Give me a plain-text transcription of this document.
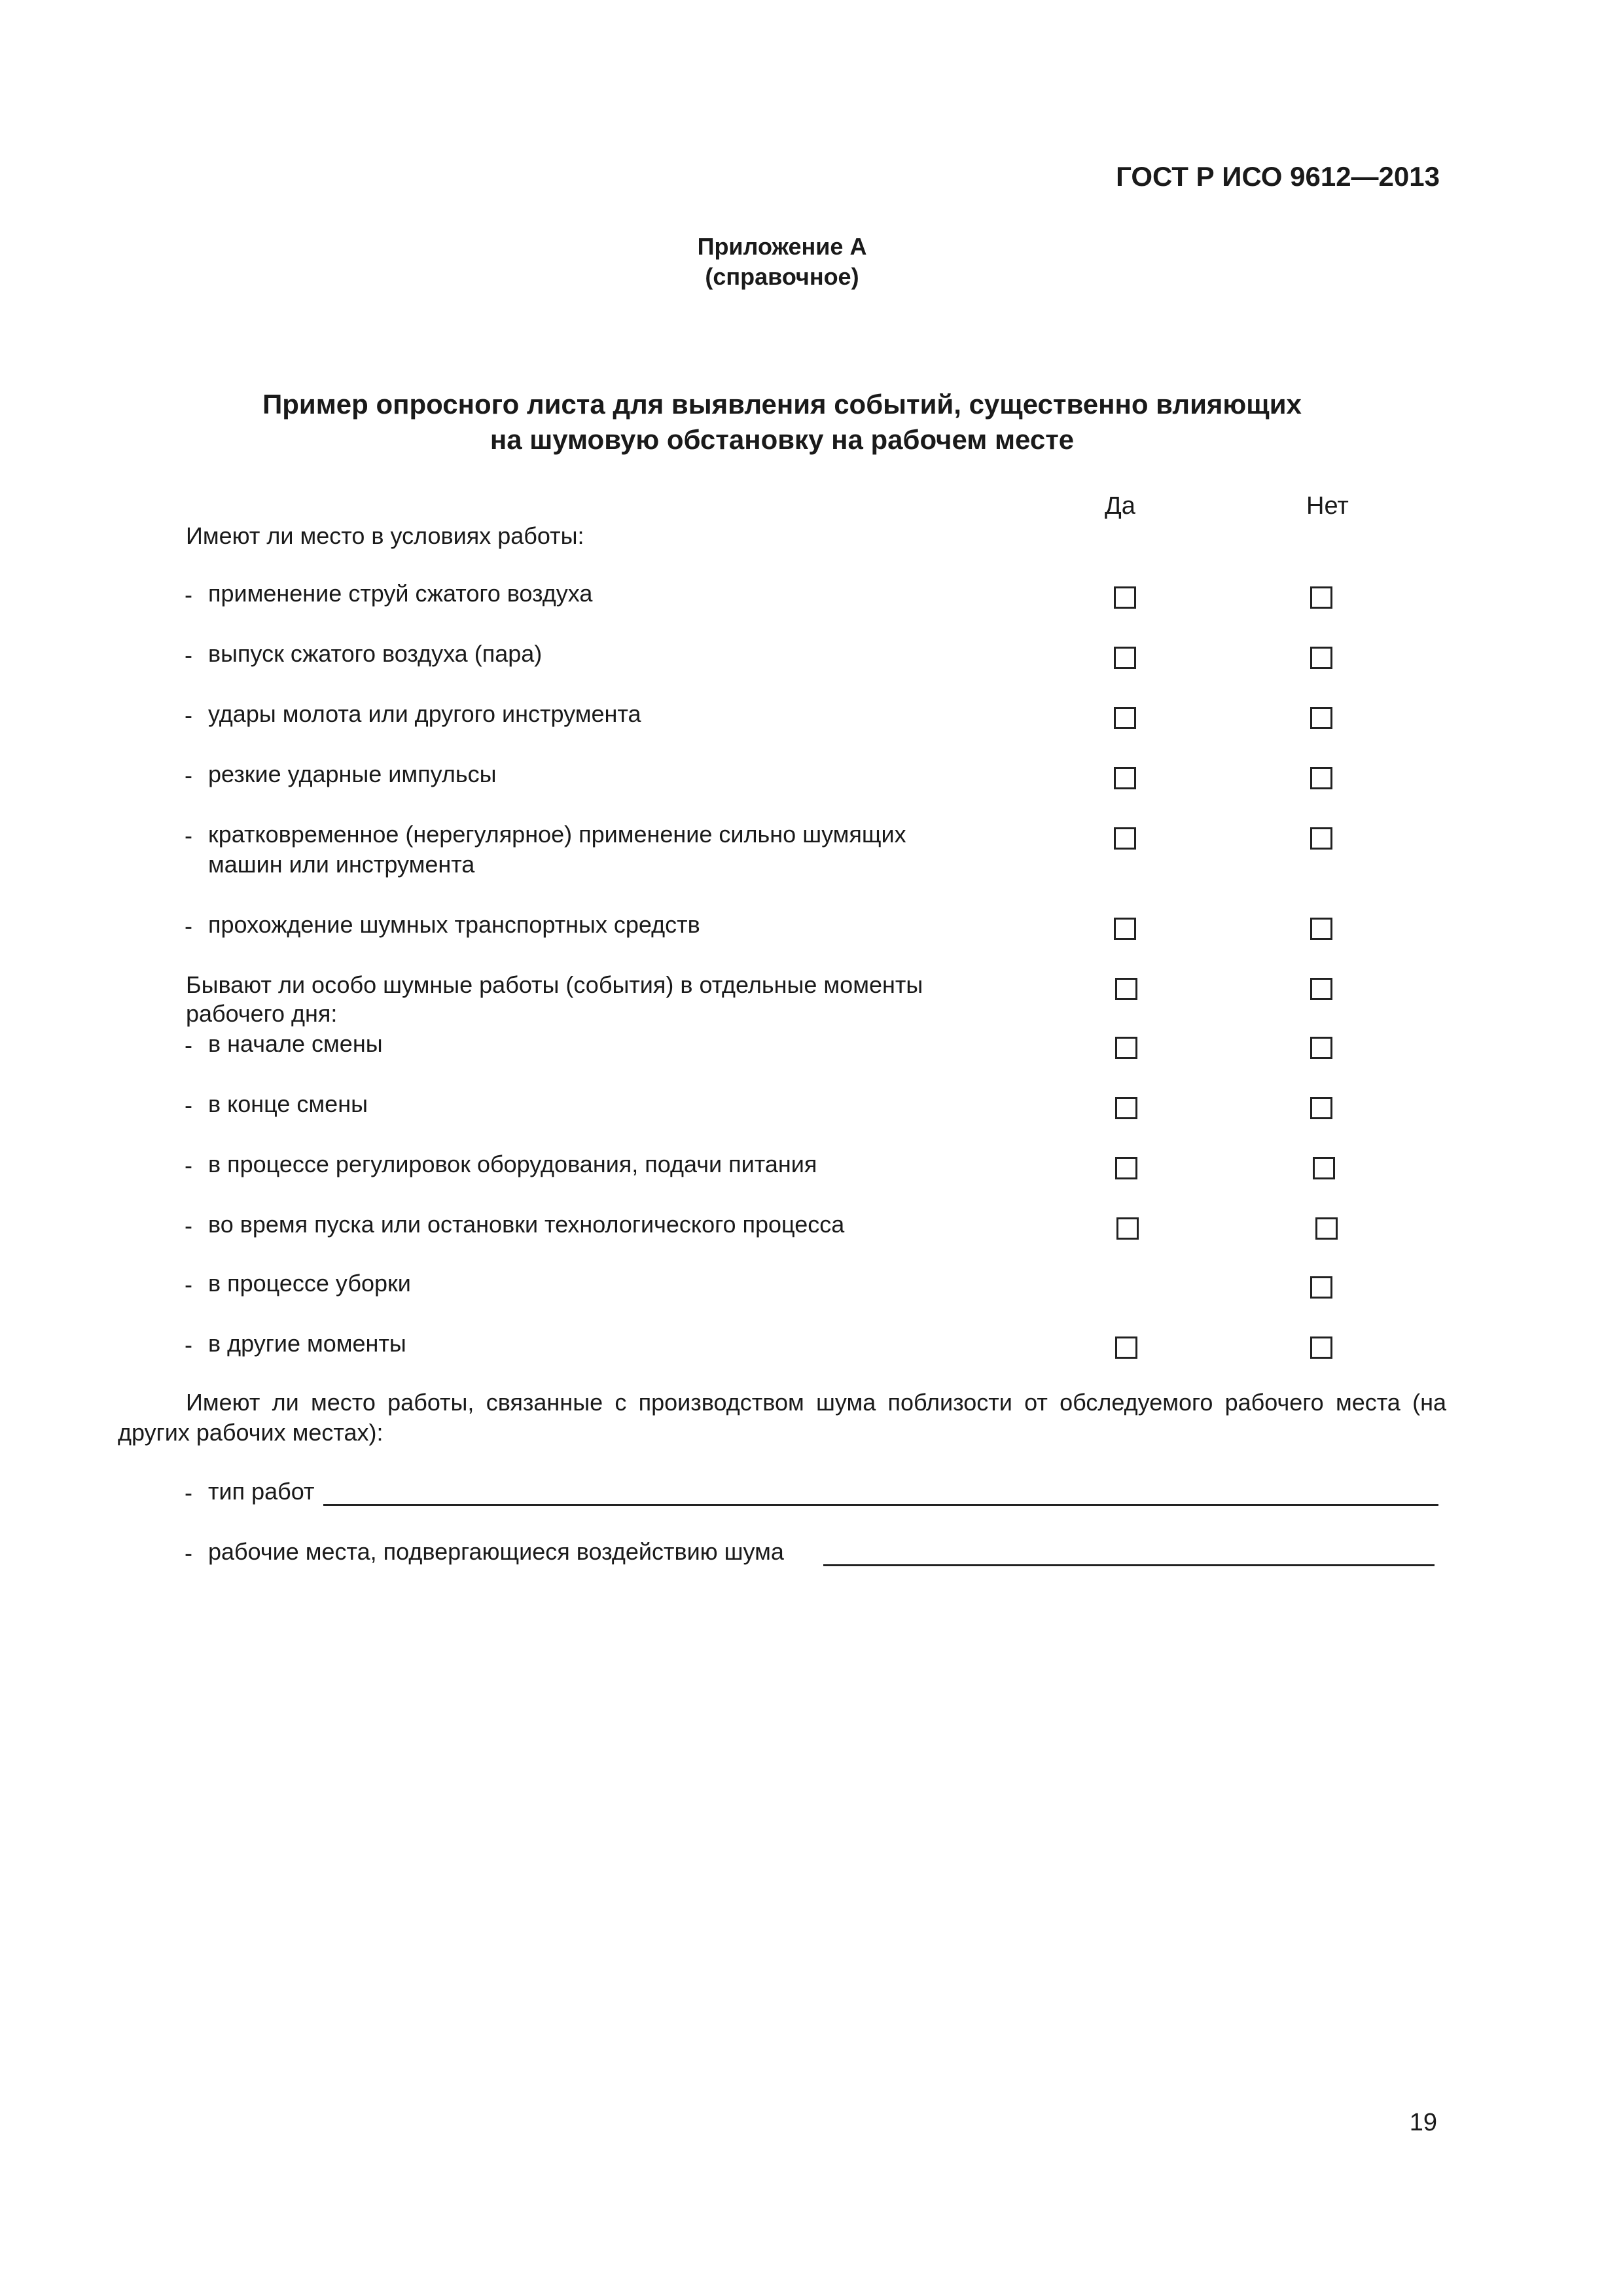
ГОСТ Р ИСО 9612—2013
Приложение А
(справочное)
Пример опросного листа для выявления событий, существенно влияющих
на шумовую обстановку на рабочем месте
Да	Нет
Имеют ли место в условиях работы:
- применение струй сжатого воздуха
- выпуск сжатого воздуха (пара)
- удары молота или другого инструмента
- резкие ударные импульсы
- кратковременное (нерегулярное) применение сильно шумящих
машин или инструмента
- прохождение шумных транспортных средств
Бывают ли особо шумные работы (события) в отдельные моменты
рабочего дня:
- в начале смены
- в конце смены
- в процессе регулировок оборудования, подачи питания
- во время пуска или остановки технологического процесса
- в процессе уборки
- в другие моменты
Имеют ли место работы, связанные с производством шума поблизости от обследуемого рабочего места (на других рабочих местах):
- тип работ
- рабочие места, подвергающиеся воздействию шума
19
